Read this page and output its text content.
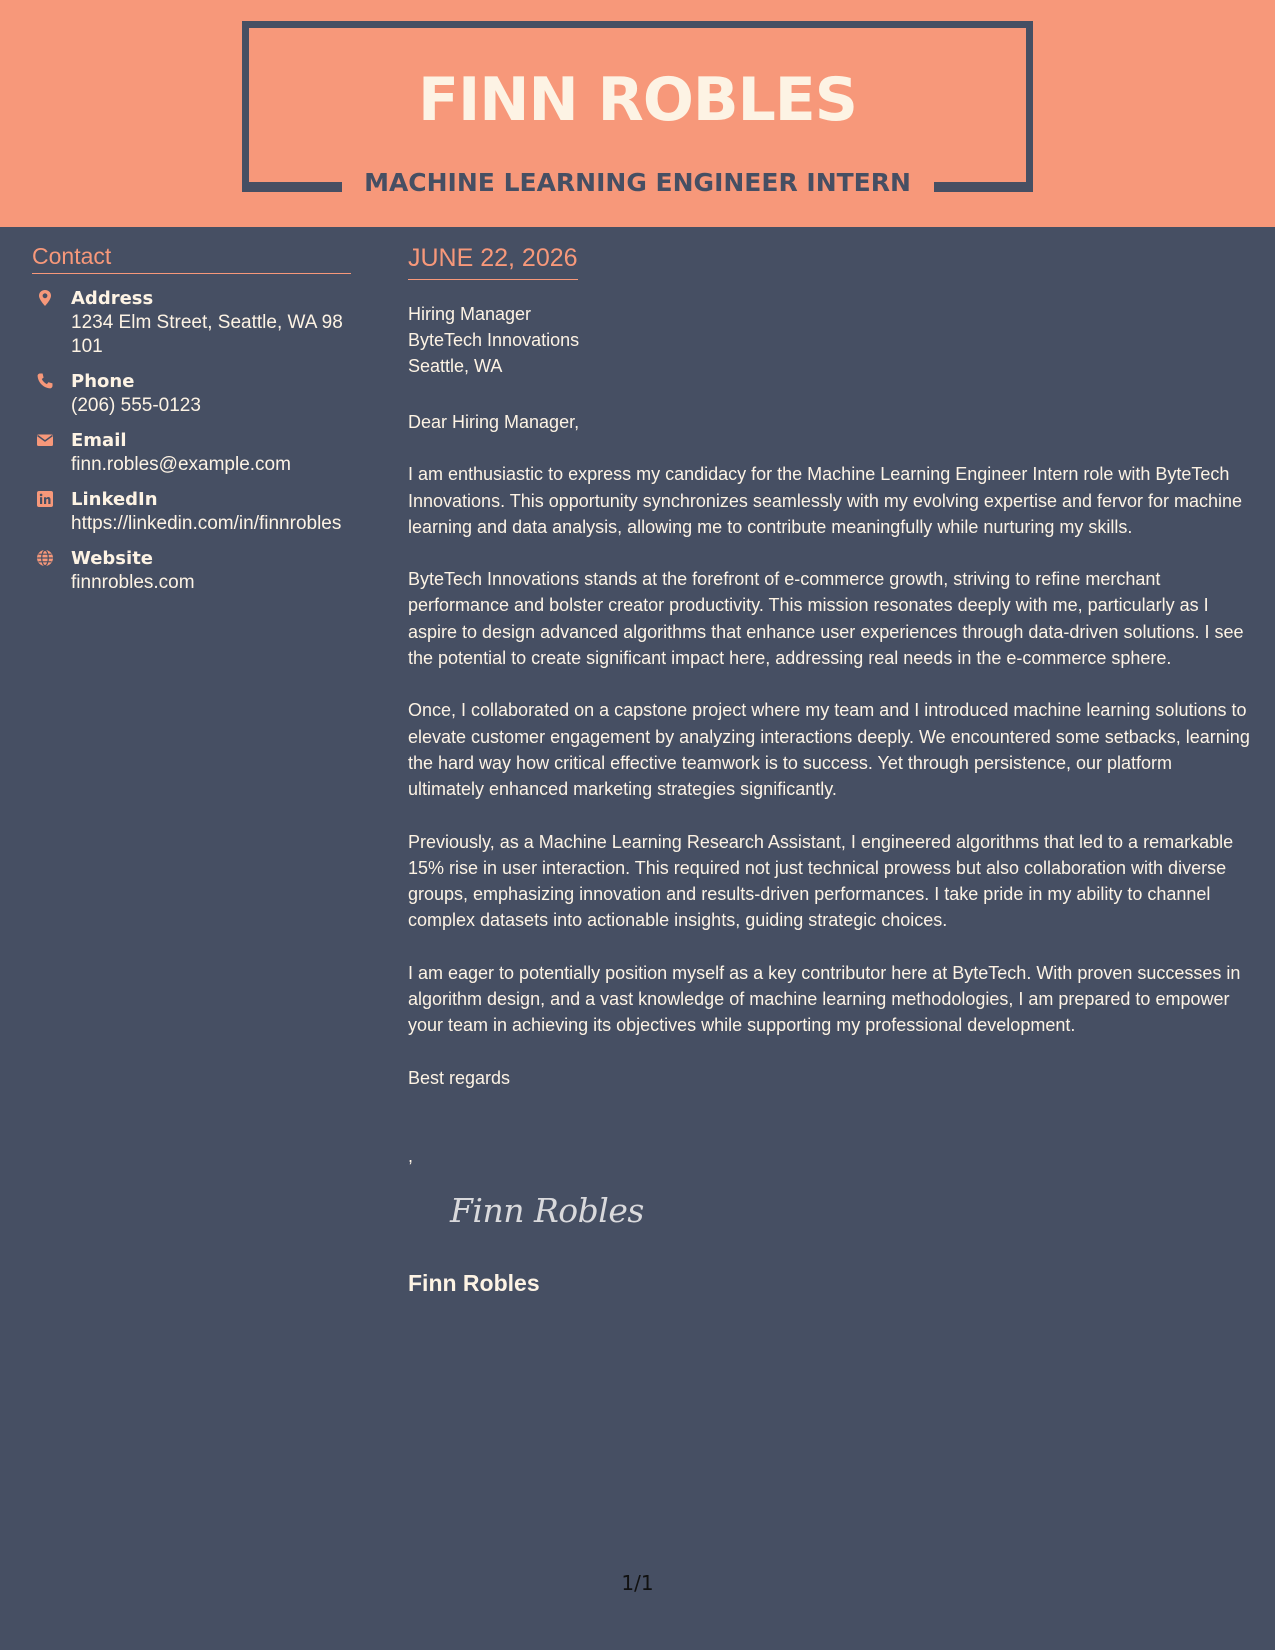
FINN ROBLES
MACHINE LEARNING ENGINEER INTERN
Contact
Address
1234 Elm Street, Seattle, WA 98101
Phone
(206) 555-0123
Email
finn.robles@example.com
LinkedIn
https://linkedin.com/in/finnrobles
Website
finnrobles.com
JUNE 22, 2026
Hiring Manager
ByteTech Innovations
Seattle, WA
Dear Hiring Manager,
I am enthusiastic to express my candidacy for the Machine Learning Engineer Intern role with ByteTech Innovations. This opportunity synchronizes seamlessly with my evolving expertise and fervor for machine learning and data analysis, allowing me to contribute meaningfully while nurturing my skills.
ByteTech Innovations stands at the forefront of e-commerce growth, striving to refine merchant performance and bolster creator productivity. This mission resonates deeply with me, particularly as I aspire to design advanced algorithms that enhance user experiences through data-driven solutions. I see the potential to create significant impact here, addressing real needs in the e-commerce sphere.
Once, I collaborated on a capstone project where my team and I introduced machine learning solutions to elevate customer engagement by analyzing interactions deeply. We encountered some setbacks, learning the hard way how critical effective teamwork is to success. Yet through persistence, our platform ultimately enhanced marketing strategies significantly.
Previously, as a Machine Learning Research Assistant, I engineered algorithms that led to a remarkable 15% rise in user interaction. This required not just technical prowess but also collaboration with diverse groups, emphasizing innovation and results-driven performances. I take pride in my ability to channel complex datasets into actionable insights, guiding strategic choices.
I am eager to potentially position myself as a key contributor here at ByteTech. With proven successes in algorithm design, and a vast knowledge of machine learning methodologies, I am prepared to empower your team in achieving its objectives while supporting my professional development.
Best regards
,
Finn Robles
Finn Robles
1/1
